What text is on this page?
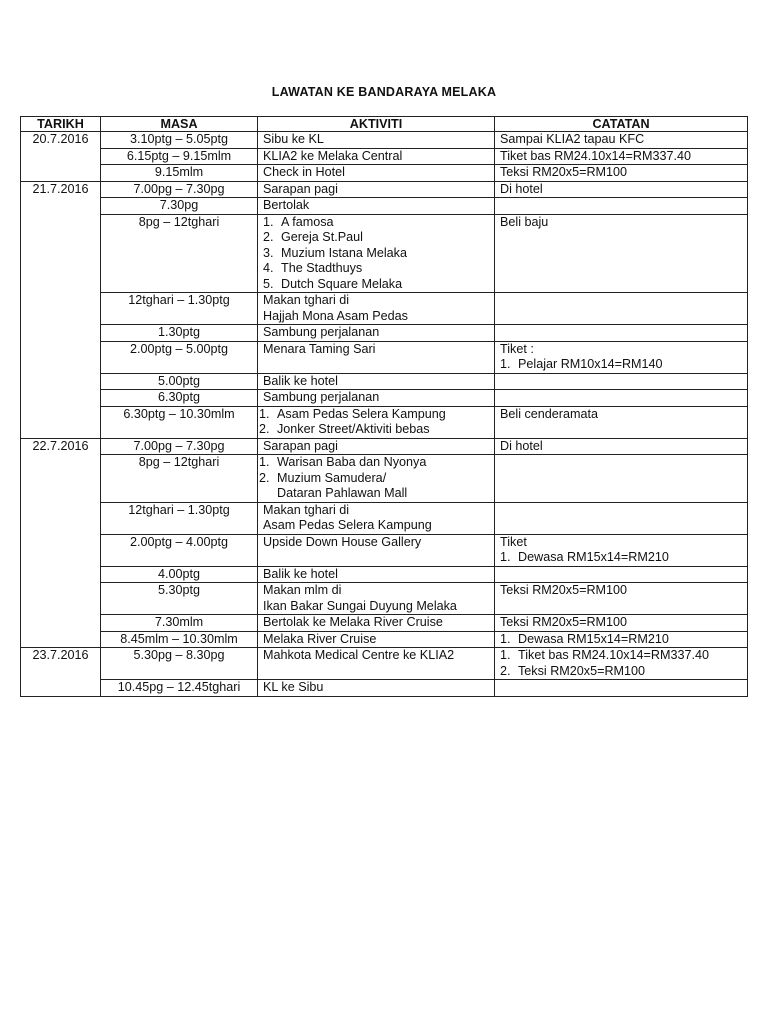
LAWATAN KE BANDARAYA MELAKA
TARIKH	MASA	AKTIVITI	CATATAN
20.7.2016	3.10ptg – 5.05ptg	Sibu ke KL	Sampai KLIA2 tapau KFC
	6.15ptg – 9.15mlm	KLIA2 ke Melaka Central	Tiket bas RM24.10x14=RM337.40
	9.15mlm	Check in Hotel	Teksi RM20x5=RM100
21.7.2016	7.00pg – 7.30pg	Sarapan pagi	Di hotel
	7.30pg	Bertolak	
	8pg – 12tghari	1. A famosa
2. Gereja St.Paul
3. Muzium Istana Melaka
4. The Stadthuys
5. Dutch Square Melaka	Beli baju
	12tghari – 1.30ptg	Makan tghari di
Hajjah Mona Asam Pedas	

	1.30ptg	Sambung perjalanan	
	2.00ptg – 5.00ptg	Menara Taming Sari	Tiket :
1. Pelajar RM10x14=RM140

	5.00ptg	Balik ke hotel	
	6.30ptg	Sambung perjalanan	
	6.30ptg – 10.30mlm	1. Asam Pedas Selera Kampung
2. Jonker Street/Aktiviti bebas	Beli cenderamata
22.7.2016	7.00pg – 7.30pg	Sarapan pagi	Di hotel
	8pg – 12tghari	1. Warisan Baba dan Nyonya
2. Muzium Samudera/
Dataran Pahlawan Mall	

	12tghari – 1.30ptg	Makan tghari di
Asam Pedas Selera Kampung	

	2.00ptg – 4.00ptg	Upside Down House Gallery	Tiket
1. Dewasa RM15x14=RM210

	4.00ptg	Balik ke hotel	
	5.30ptg	Makan mlm di
Ikan Bakar Sungai Duyung Melaka	Teksi RM20x5=RM100
	7.30mlm	Bertolak ke Melaka River Cruise	Teksi RM20x5=RM100
	8.45mlm – 10.30mlm	Melaka River Cruise	1. Dewasa RM15x14=RM210

23.7.2016	5.30pg – 8.30pg	Mahkota Medical Centre ke KLIA2	1. Tiket bas RM24.10x14=RM337.40
2. Teksi RM20x5=RM100

	10.45pg – 12.45tghari	KL ke Sibu	
